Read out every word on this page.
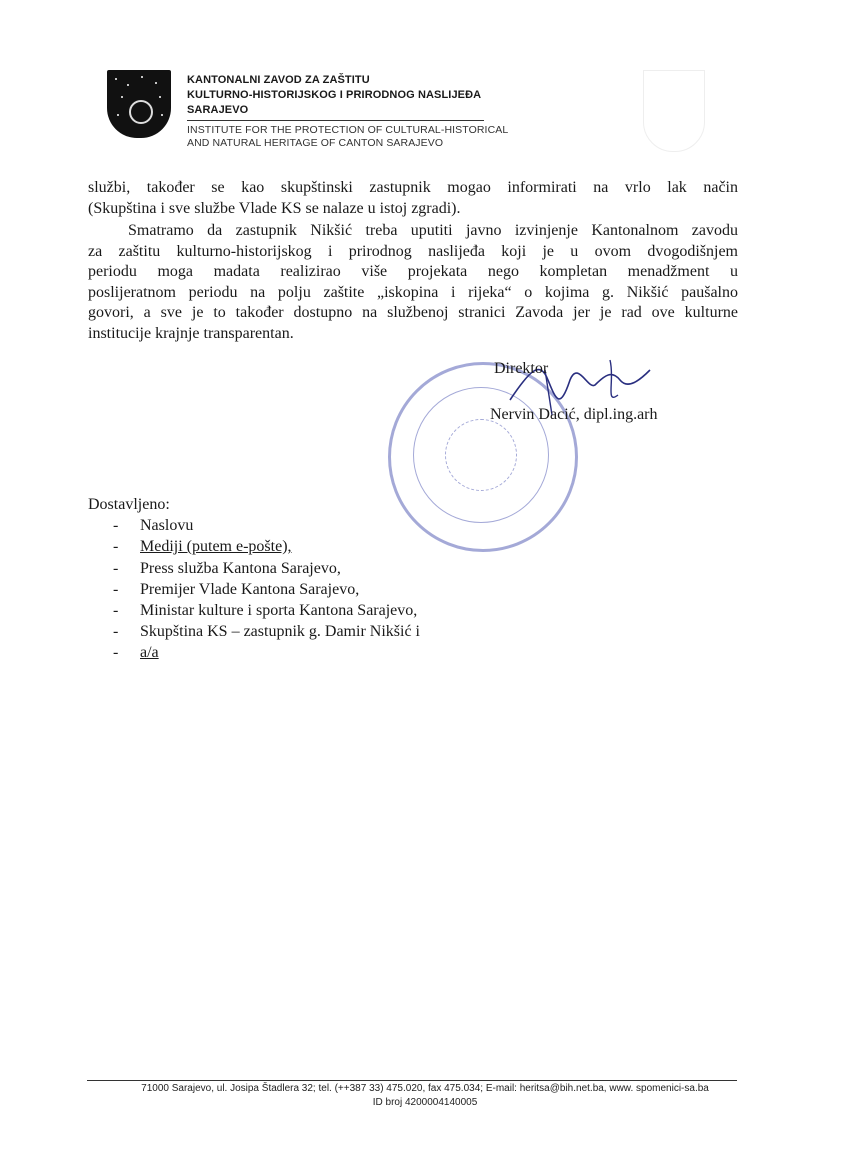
KANTONALNI ZAVOD ZA ZAŠTITU
KULTURNO-HISTORIJSKOG I PRIRODNOG NASLIJEĐA
SARAJEVO
INSTITUTE FOR THE PROTECTION OF CULTURAL-HISTORICAL
AND NATURAL HERITAGE OF CANTON SARAJEVO
službi, također se kao skupštinski zastupnik mogao informirati na vrlo lak način
(Skupština i sve službe Vlade KS se nalaze u istoj zgradi).
Smatramo da zastupnik Nikšić treba uputiti javno izvinjenje Kantonalnom zavodu
za zaštitu kulturno-historijskog i prirodnog naslijeđa koji je u ovom dvogodišnjem
periodu moga madata realizirao više projekata nego kompletan menadžment u
poslijeratnom periodu na polju zaštite „iskopina i rijeka“ o kojima g. Nikšić paušalno
govori, a sve je to također dostupno na službenoj stranici Zavoda jer je rad ove kulturne
institucije krajnje transparentan.
Direktor
Nervin Dacić, dipl.ing.arh
Dostavljeno:
- Naslovu
- Mediji (putem e-pošte),
- Press služba Kantona Sarajevo,
- Premijer Vlade Kantona Sarajevo,
- Ministar kulture i sporta Kantona Sarajevo,
- Skupština KS – zastupnik g. Damir Nikšić i
- a/a
71000 Sarajevo, ul. Josipa Štadlera 32; tel. (++387 33) 475.020, fax 475.034; E-mail: heritsa@bih.net.ba, www. spomenici-sa.ba
ID broj 4200004140005
